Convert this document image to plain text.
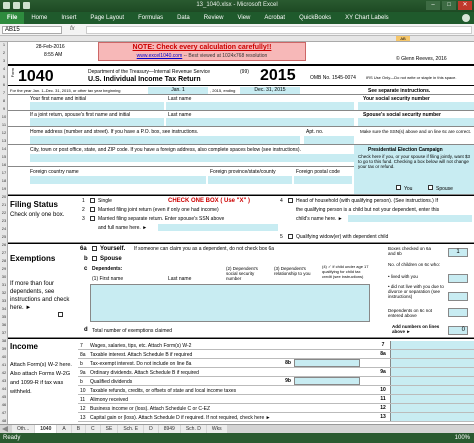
13_1040.xlsx - Microsoft Excel	–	□	✕
File	Home	Insert	Page Layout	Formulas	Data	Review	View	Acrobat	QuickBooks	XY Chart Labels
AB15	fx
AB
1
2
3
4
5
6
7
8
9
10
11
12
13
14
15
16
17
18
19
20
21
22
23
24
25
26
27
28
29
30
31
32
33
34
35
36
37
38
39
40
41
42
43
44
45
46
47
48
28-Feb-2016
8:55 AM
NOTE: Check every calculation carefully!!
www.excel1040.com -- Best viewed at 1024x768 resolution	© Glenn Reeves, 2016
Form 1040	Department of the Treasury—Internal Revenue Service
U.S. Individual Income Tax Return
(99) 2015	OMB No. 1545-0074	IRS Use Only—Do not write or staple in this space.
For the year Jan. 1–Dec. 31, 2015, or other tax year beginning	Jan. 1	, 2015, ending	Dec. 31, 2015	See separate instructions.
Your first name and initial	Last name	Your social security number
If a joint return, spouse's first name and initial	Last name	Spouse's social security number
Home address (number and street). If you have a P.O. box, see instructions.	Apt. no.	Make sure the SSN(s) above and on line 6c are correct.
City, town or post office, state, and ZIP code. If you have a foreign address, also complete spaces below (see instructions).	Presidential Election Campaign
Check here if you, or your spouse if filing jointly, want $3 to go to this fund. Checking a box below will not change your tax or refund.
You	Spouse
Foreign country name	Foreign province/state/county	Foreign postal code
Filing Status
Check only one box.
CHECK ONE BOX ( Use "X" )
1	Single
2	Married filing joint return (even if only one had income)
3	Married filing separate return. Enter spouse's SSN above
and full name here. ►
4	Head of household (with qualifying person). (See instructions.) If
the qualifying person is a child but not your dependent, enter this
child's name here. ►
5	Qualifying widow(er) with dependent child
Exemptions
If more than four dependents, see instructions and check here. ►
6a Yourself. If someone can claim you as a dependent, do not check box 6a
b Spouse
c Dependents:
(1) First name	Last name
(2) Dependent's social security number
(3) Dependent's relationship to you
(4) ✓ if child under age 17 qualifying for child tax credit (see instructions)
Boxes checked on 6a and 6b	1
No. of children on 6c who:
• lived with you
• did not live with you due to divorce or separation (see instructions)
Dependents on 6c not entered above
d Total number of exemptions claimed
Add numbers on lines above ►	0
Income
Attach Form(s) W-2 here. Also attach Forms W-2G and 1099-R if tax was withheld.
7	Wages, salaries, tips, etc. Attach Form(s) W-2	7
8a Taxable interest. Attach Schedule B if required	8a
b	Tax-exempt interest. Do not include on line 8a	8b
9a Ordinary dividends. Attach Schedule B if required	9a
b	Qualified dividends	9b
10 Taxable refunds, credits, or offsets of state and local income taxes	10
11 Alimony received	11
12 Business income or (loss). Attach Schedule C or C-EZ	12
13 Capital gain or (loss). Attach Schedule D if required. If not required, check here ►	13
Oth...	1040	A	B	C	SE	Sch. E	D	8949	Sch. D	Wks
Ready	100%
